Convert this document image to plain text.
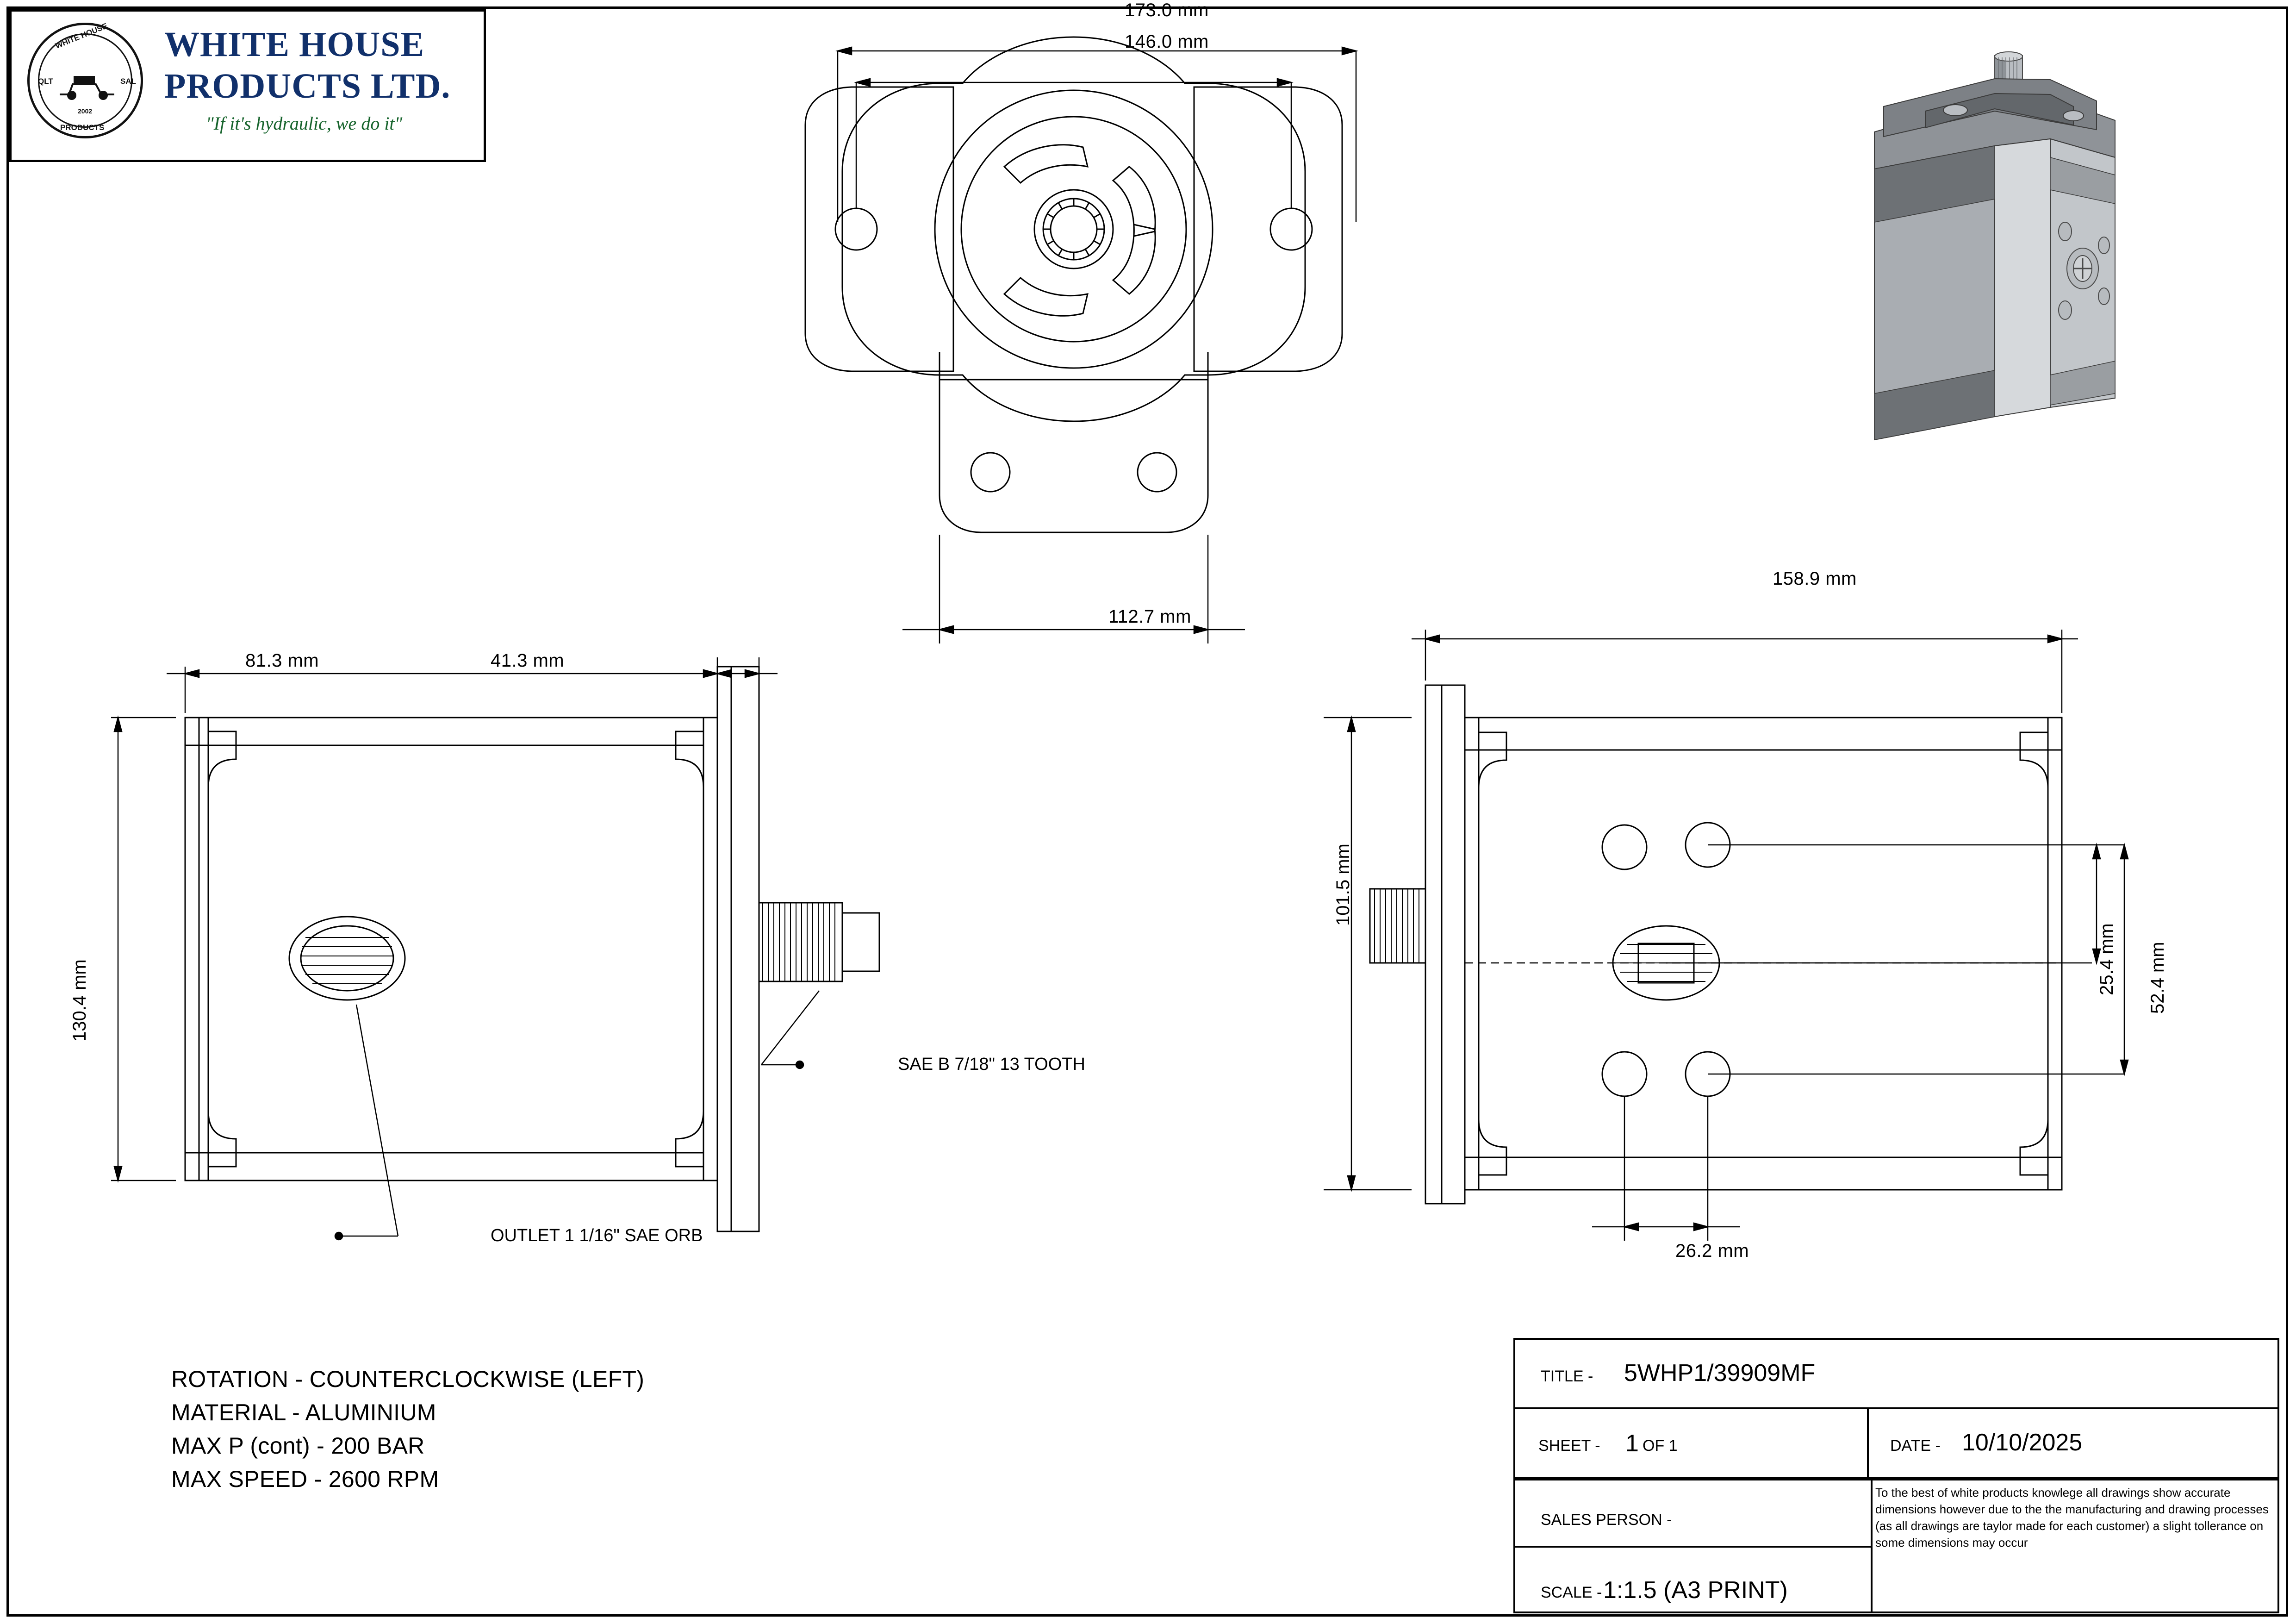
WHITE HOUSE
QLT	SAL
PRODUCTS
2002
WHITE HOUSE
PRODUCTS LTD.
"If it's hydraulic, we do it"
173.0 mm
146.0 mm
112.7 mm
81.3 mm	41.3 mm
130.4 mm
SAE B 7/18" 13 TOOTH
OUTLET 1 1/16" SAE ORB
158.9 mm
101.5 mm
25.4 mm 52.4 mm
26.2 mm
ROTATION - COUNTERCLOCKWISE (LEFT)
MATERIAL - ALUMINIUM
MAX P (cont) - 200 BAR
MAX SPEED - 2600 RPM
TITLE - 5WHP1/39909MF
SHEET - 1 OF 1	DATE - 10/10/2025
SALES PERSON -
SCALE - 1:1.5 (A3 PRINT)
To the best of white products knowlege all drawings show accurate dimensions however due to the the manufacturing and drawing processes (as all drawings are taylor made for each customer) a slight tollerance on some dimensions may occur
